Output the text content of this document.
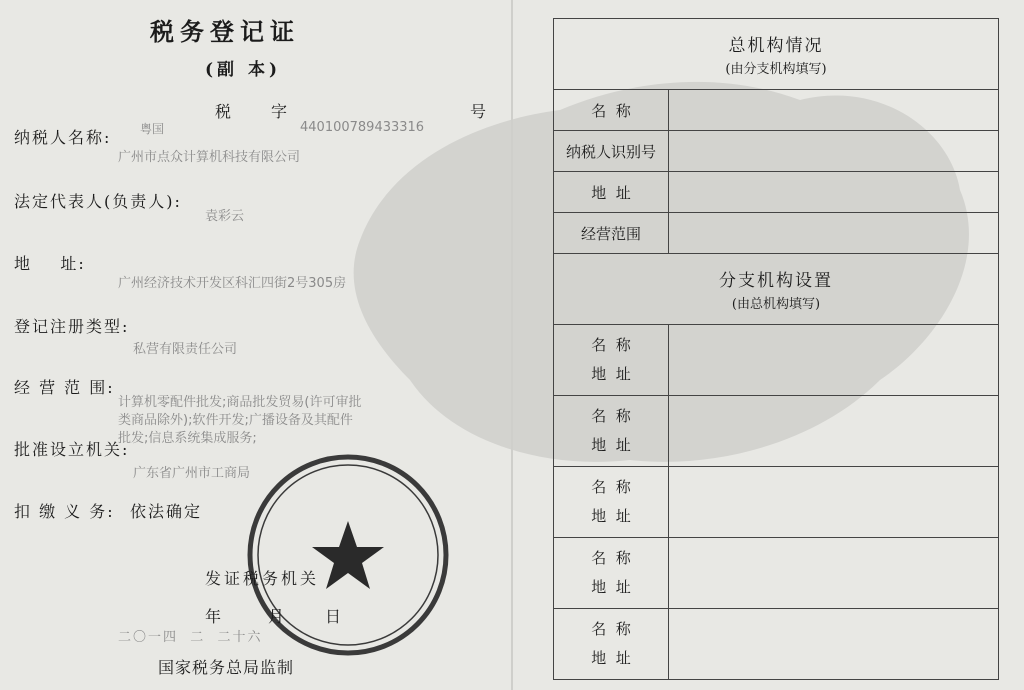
税务登记证
(副 本)
税字	号
纳税人名称: 粤国	440100789433316
广州市点众计算机科技有限公司
法定代表人(负责人):
袁彩云
地    址:
广州经济技术开发区科汇四街2号305房
登记注册类型:
私营有限责任公司
经 营 范 围:
计算机零配件批发;商品批发贸易(许可审批
类商品除外);软件开发;广播设备及其配件
批发;信息系统集成服务;
批准设立机关:
广东省广州市工商局
扣 缴 义 务: 依法确定
发证税务机关
年	月	日
二〇一四  二  二十六
国家税务总局监制
总机构情况
(由分支机构填写)	

名  称	
纳税人识别号	
地  址	
经营范围	

分支机构设置
(由总机构填写)	

名  称
地  址	
名  称
地  址	
名  称
地  址	
名  称
地  址	
名  称
地  址	
